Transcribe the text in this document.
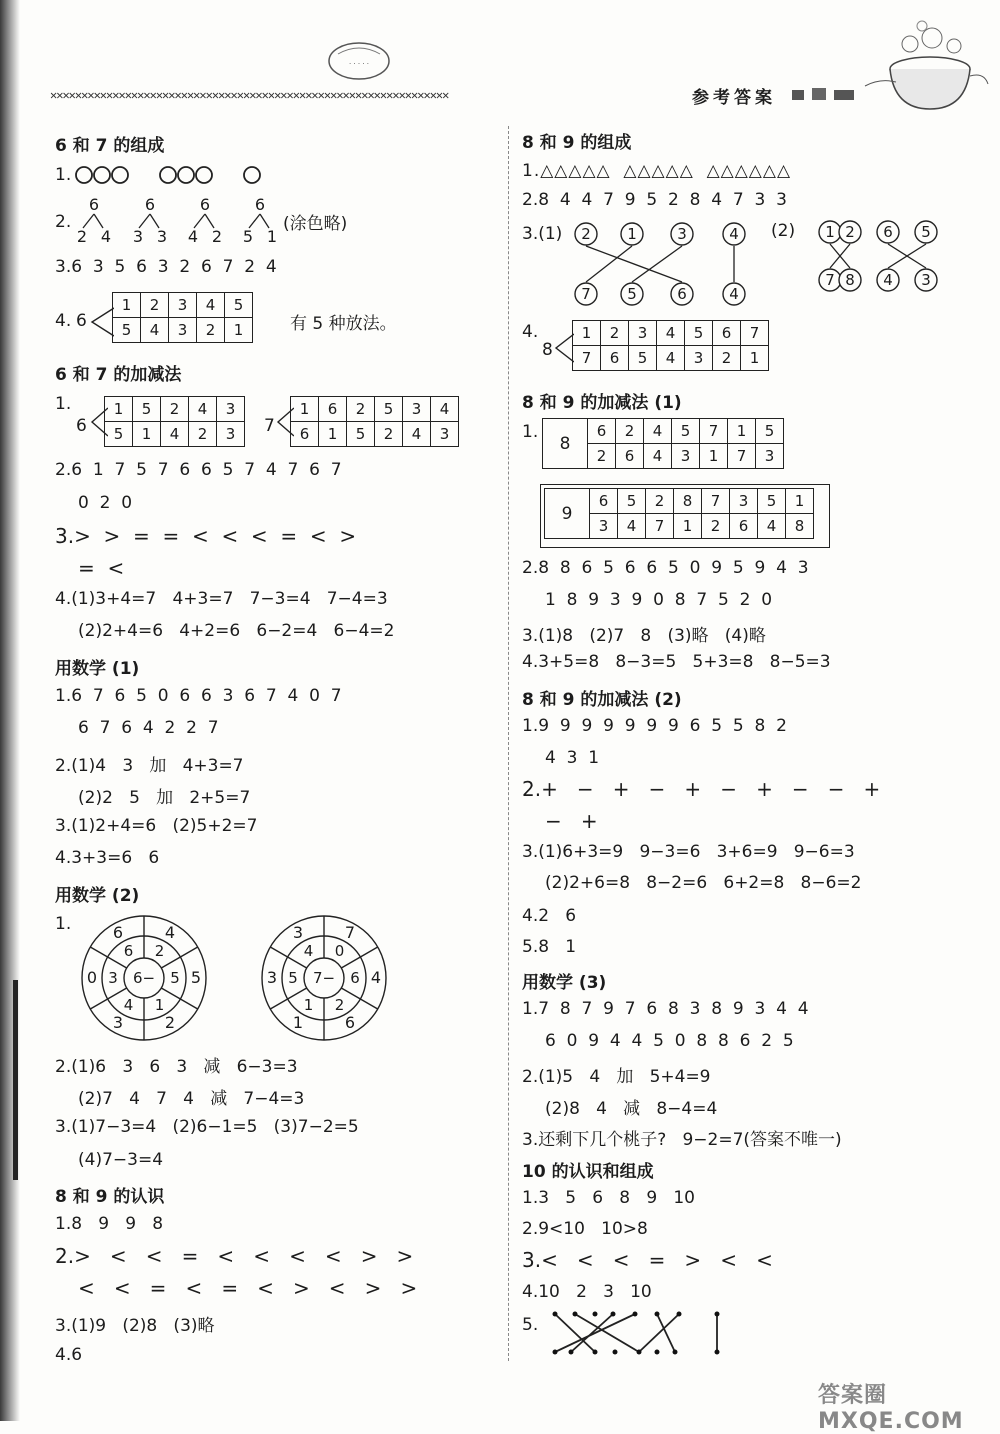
· · · · ·
✕✕✕✕✕✕✕✕✕✕✕✕✕✕✕✕✕✕✕✕✕✕✕✕✕✕✕✕✕✕✕✕✕✕✕✕✕✕✕✕✕✕✕✕✕✕✕✕✕✕✕✕✕✕✕✕✕✕✕✕✕✕✕✕	参考答案
6 和 7 的组成
1.
2.
6
2 4
6
3 3
6
4 2
6
5 1
(涂色略)
3.6  3  5  6  3  2  6  7  2  4
4. 6
1	2	3	4	5
5	4	3	2	1	有 5 种放法。
6 和 7 的加减法
1.
6
1	5	2	4	3
5	1	4	2	3 7
1	6	2	5	3	4
6	1	5	2	4	3
2.6  1  7  5  7  6  6  5  7  4  7  6  7
0  2  0
3.>  >  =  =  <  <  <  =  <  >
=  <
4.(1)3+4=7   4+3=7   7−3=4   7−4=3
(2)2+4=6   4+2=6   6−2=4   6−4=2
用数学 (1)
1.6  7  6  5  0  6  6  3  6  7  4  0  7
6  7  6  4  2  2  7
2.(1)4   3   加   4+3=7
(2)2   5   加   2+5=7
3.(1)2+4=6   (2)5+2=7
4.3+3=6   6
用数学 (2)
1.
6−
2
4
5 5
1
2
4
3
3
0
6
6
7−
0
7
6 4
2
6
1
1
5
3
4
3
2.(1)6   3   6   3   减   6−3=3
(2)7   4   7   4   减   7−4=3
3.(1)7−3=4   (2)6−1=5   (3)7−2=5
(4)7−3=4
8 和 9 的认识
1.8   9   9   8
2.>   <   <   =   <   <   <   <   >   >
<   <   =   <   =   <   >   <   >   >
3.(1)9   (2)8   (3)略
4.6
8 和 9 的组成
1.△△△△△  △△△△△  △△△△△△
2.8  4  4  7  9  5  2  8  4  7  3  3
3.(1) 2 1	3	4
7 5	6	4
1 2 6 5
7 8 4 3
(2)
4.
8
1	2	3	4	5	6	7
7	6	5	4	3	2	1
8 和 9 的加减法 (1)
1.
8	6	2	4	5	7	1	5
	2	6	4	3	1	7	3
9	6	5	2	8	7	3	5	1
	3	4	7	1	2	6	4	8
2.8  8  6  5  6  6  5  0  9  5  9  4  3
1  8  9  3  9  0  8  7  5  2  0
3.(1)8   (2)7   8   (3)略   (4)略
4.3+5=8   8−3=5   5+3=8   8−5=3
8 和 9 的加减法 (2)
1.9  9  9  9  9  9  9  6  5  5  8  2
4  3  1
2.+   −   +   −   +   −   +   −   −   +
−   +
3.(1)6+3=9   9−3=6   3+6=9   9−6=3
(2)2+6=8   8−2=6   6+2=8   8−6=2
4.2   6
5.8   1
用数学 (3)
1.7  8  7  9  7  6  8  3  8  9  3  4  4
6  0  9  4  4  5  0  8  8  6  2  5
2.(1)5   4   加   5+4=9
(2)8   4   减   8−4=4
3.还剩下几个桃子?   9−2=7(答案不唯一)
10 的认识和组成
1.3   5   6   8   9   10
2.9<10   10>8
3.<   <   <   =   >   <   <
4.10   2   3   10
5.
答案圈 MXQE.COM
